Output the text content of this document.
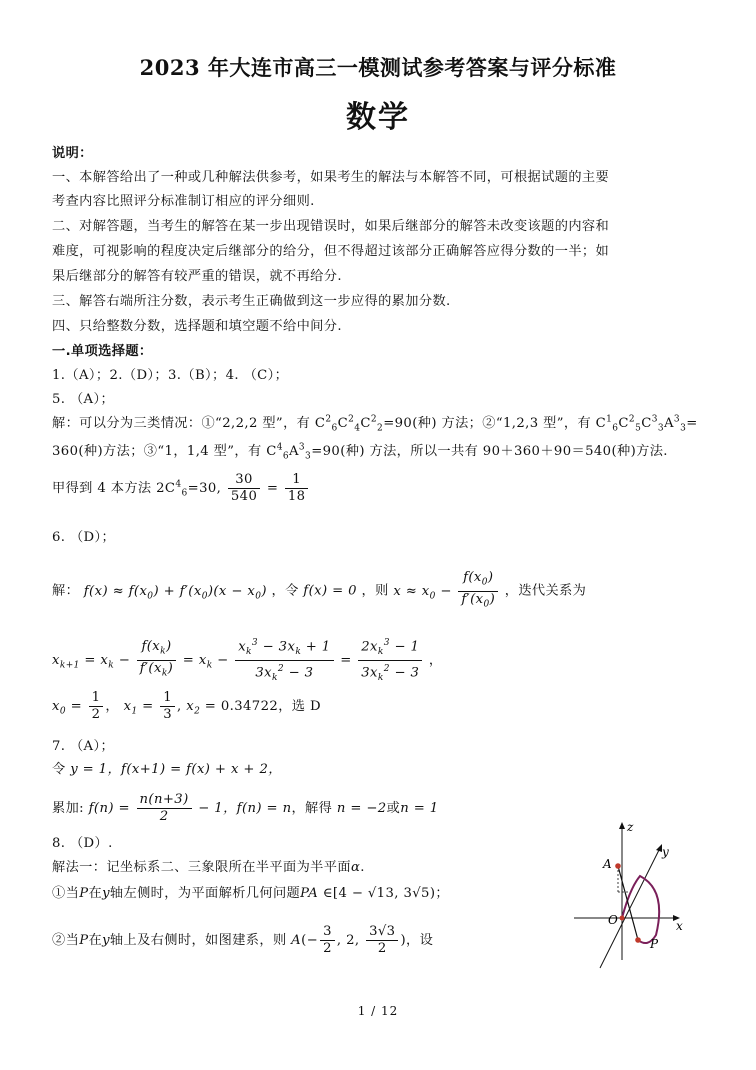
2023 年大连市高三一模测试参考答案与评分标准
数学
说明：
一、本解答给出了一种或几种解法供参考，如果考生的解法与本解答不同，可根据试题的主要
考查内容比照评分标准制订相应的评分细则.
二、对解答题，当考生的解答在某一步出现错误时，如果后继部分的解答未改变该题的内容和
难度，可视影响的程度决定后继部分的给分，但不得超过该部分正确解答应得分数的一半；如
果后继部分的解答有较严重的错误，就不再给分.
三、解答右端所注分数，表示考生正确做到这一步应得的累加分数.
四、只给整数分数，选择题和填空题不给中间分.
一.单项选择题：
1.（A）；2.（D）；3.（B）；4. （C）；
5. （A）；
解：可以分为三类情况：①“2,2,2 型”，有 $C^2_6C^2_4C^2_2=90$(种) 方法；②“1,2,3 型”，有 $C^1_6C^2_5C^3_3A^3_3=$
360(种)方法；③“1，1,4 型”，有 $C^4_6A^3_3=90$(种) 方法，所以一共有 90＋360＋90＝540(种)方法.
甲得到 4 本方法 $2C^4_6=30$, $\frac{30}{540} = \frac{1}{18}$
6. （D）；
解： $f(x) \approx f(x_0) + f'(x_0)(x - x_0)$ ，令 f(x) = 0 ，则 $x \approx x_0 - \frac{f(x_0)}{f'(x_0)}$ ，迭代关系为
$x_{k+1} = x_k - \frac{f(x_k)}{f'(x_k)} = x_k - \frac{x_k^3 - 3x_k + 1}{3x_k^2 - 3} = \frac{2x_k^3 - 1}{3x_k^2 - 3}$ ，
$x_0 = \frac{1}{2}$ ， $x_1 = \frac{1}{3}$ , $x_2 = 0.34722$，选 D
7. （A）；
令 y = 1，f(x+1) = f(x) + x + 2，
累加: $f(n) = \frac{n(n+3)}{2} - 1$，f(n) = n，解得 n = −2或n = 1
8. （D）.
解法一：记坐标系二、三象限所在半平面为半平面α.
①当P在y轴左侧时，为平面解析几何问题PA ∈[4 − √13, 3√5)；
②当P在y轴上及右侧时，如图建系，则 $A(- \frac{3}{2}$ , 2, $\frac{3√3}{2}$ )，设
z
y
x
A
O
P
1 / 12
